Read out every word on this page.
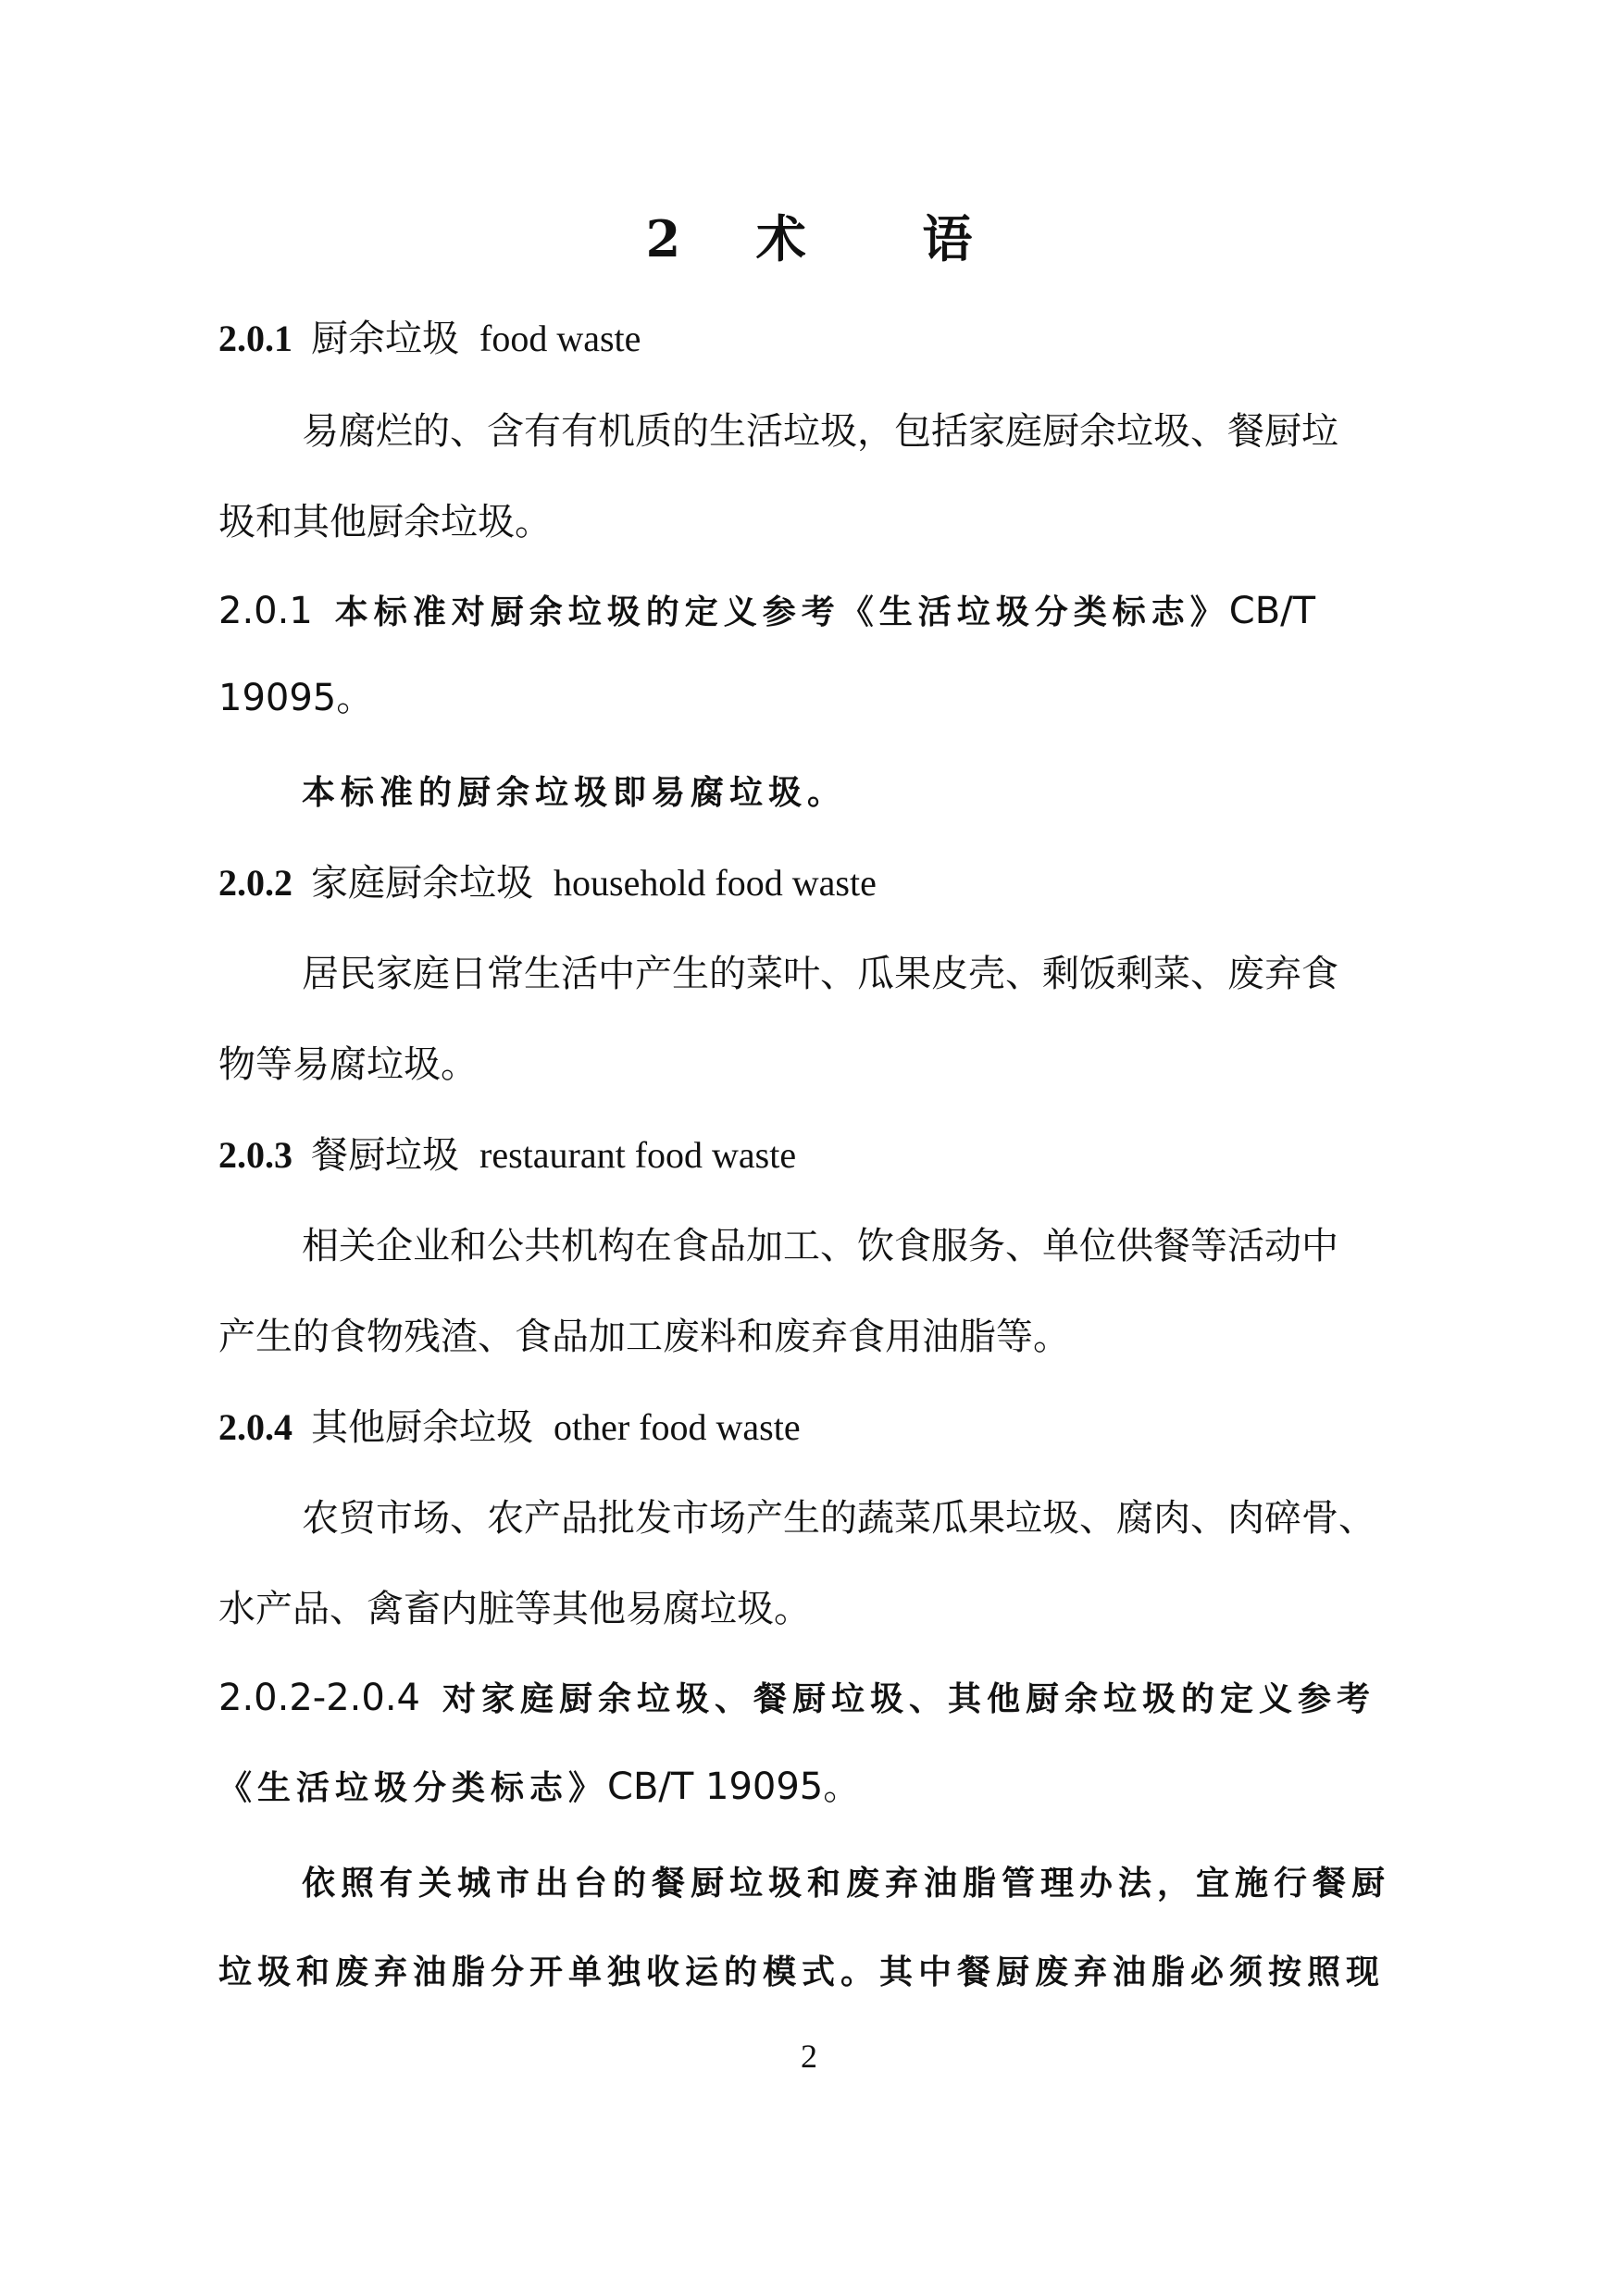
2 术 语
2.0.1 厨余垃圾 food waste
易腐烂的、含有有机质的生活垃圾，包括家庭厨余垃圾、餐厨垃
圾和其他厨余垃圾。
2.0.1 本标准对厨余垃圾的定义参考《生活垃圾分类标志》CB/T
19095。
本标准的厨余垃圾即易腐垃圾。
2.0.2 家庭厨余垃圾 household food waste
居民家庭日常生活中产生的菜叶、瓜果皮壳、剩饭剩菜、废弃食
物等易腐垃圾。
2.0.3 餐厨垃圾 restaurant food waste
相关企业和公共机构在食品加工、饮食服务、单位供餐等活动中
产生的食物残渣、食品加工废料和废弃食用油脂等。
2.0.4 其他厨余垃圾 other food waste
农贸市场、农产品批发市场产生的蔬菜瓜果垃圾、腐肉、肉碎骨、
水产品、禽畜内脏等其他易腐垃圾。
2.0.2-2.0.4 对家庭厨余垃圾、餐厨垃圾、其他厨余垃圾的定义参考
《生活垃圾分类标志》CB/T 19095。
依照有关城市出台的餐厨垃圾和废弃油脂管理办法，宜施行餐厨
垃圾和废弃油脂分开单独收运的模式。其中餐厨废弃油脂必须按照现
2
